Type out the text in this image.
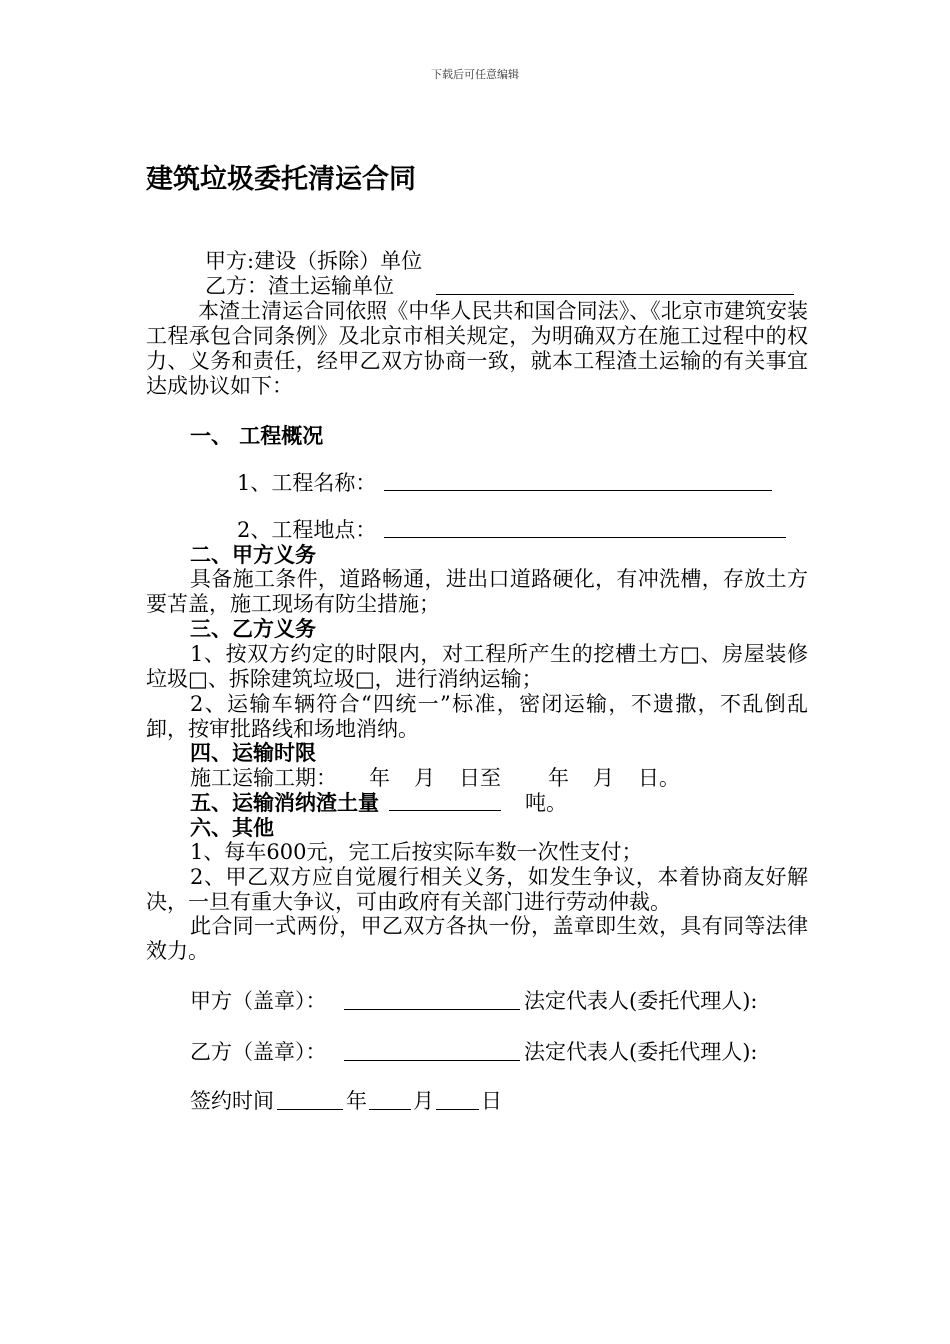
下载后可任意编辑
建筑垃圾委托清运合同
甲方:建设（拆除）单位
乙方：渣土运输单位
本渣土清运合同依照《中华人民共和国合同法》、《北京市建筑安装工程承包合同条例》及北京市相关规定，为明确双方在施工过程中的权力、义务和责任，经甲乙双方协商一致，就本工程渣土运输的有关事宜达成协议如下：
一、 工程概况
1、工程名称：
2、工程地点：
二、甲方义务
具备施工条件，道路畅通，进出口道路硬化，有冲洗槽，存放土方要苫盖，施工现场有防尘措施；
三、乙方义务
1、按双方约定的时限内，对工程所产生的挖槽土方□、房屋装修垃圾□、拆除建筑垃圾□，进行消纳运输；
2、运输车辆符合“四统一”标准，密闭运输，不遗撒，不乱倒乱卸，按审批路线和场地消纳。
四、运输时限
施工运输工期： 年 月 日至 年 月 日。
五、运输消纳渣土量	吨。
六、其他
1、每车600元，完工后按实际车数一次性支付；
2、甲乙双方应自觉履行相关义务，如发生争议，本着协商友好解决，一旦有重大争议，可由政府有关部门进行劳动仲裁。
此合同一式两份，甲乙双方各执一份，盖章即生效，具有同等法律效力。
甲方（盖章）：	法定代表人(委托代理人):
乙方（盖章）：	法定代表人(委托代理人):
签约时间	年 月 日
